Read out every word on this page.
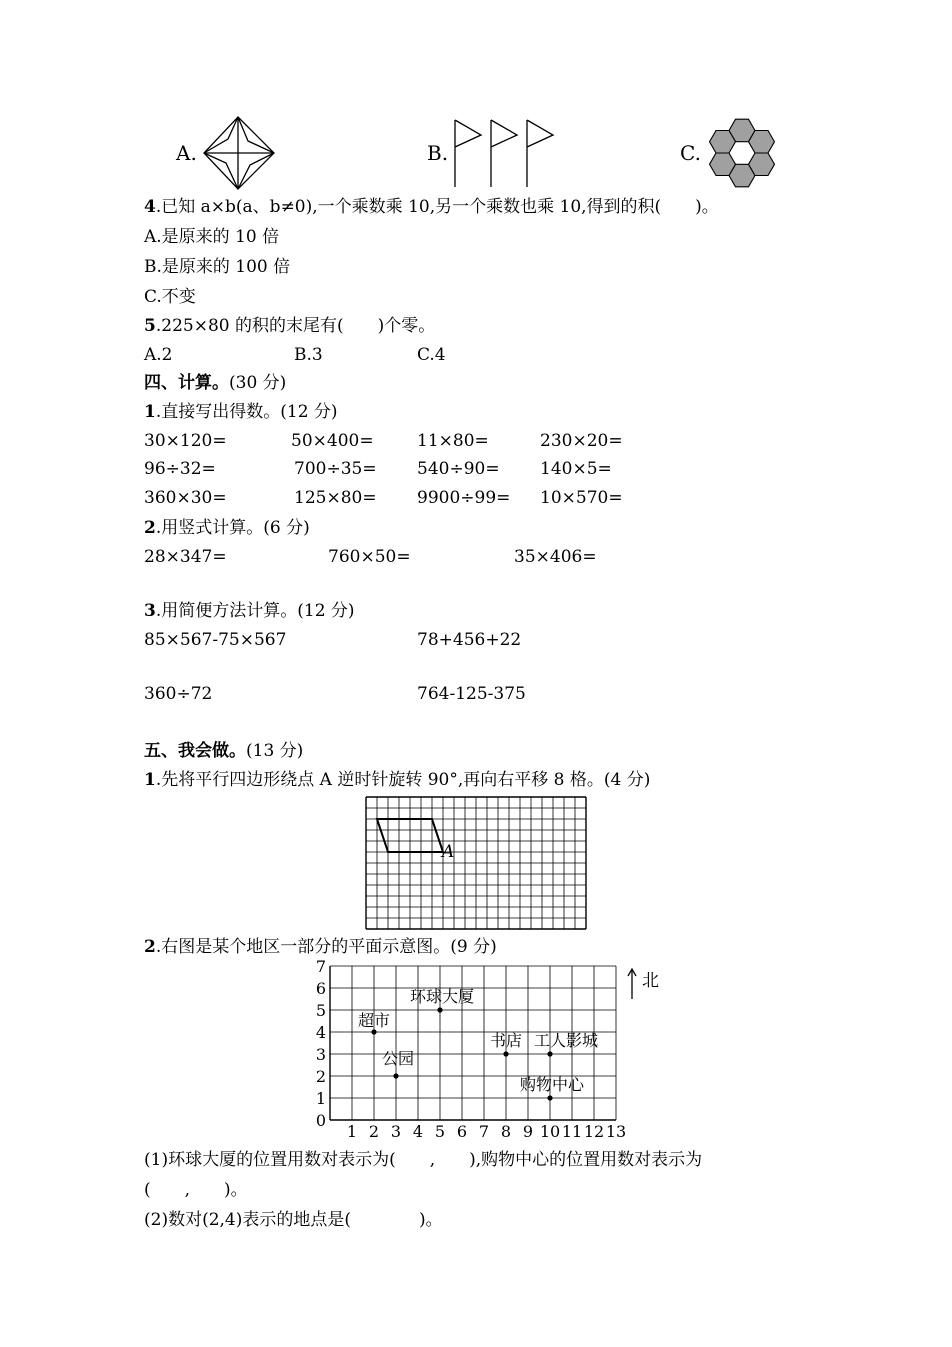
A.	B.	C.
4.已知 a×b(a、b≠0),一个乘数乘 10,另一个乘数也乘 10,得到的积(　　)。
A.是原来的 10 倍
B.是原来的 100 倍
C.不变
5.225×80 的积的末尾有(　　)个零。
A.2	B.3	C.4
四、计算。(30 分)
1.直接写出得数。(12 分)
30×120=	50×400=	11×80=	230×20=
96÷32=	700÷35= 540÷90= 140×5=
360×30=	125×80= 9900÷99= 10×570=
2.用竖式计算。(6 分)
28×347=	760×50=	35×406=
3.用简便方法计算。(12 分)
85×567-75×567	78+456+22
360÷72	764-125-375
五、我会做。(13 分)
1.先将平行四边形绕点 A 逆时针旋转 90°,再向右平移 8 格。(4 分)
A
2.右图是某个地区一部分的平面示意图。(9 分)
1 2 3 4 5 6 7 8 9 10 11 12 13
0
1
2
3
4
5
6
7
环球大厦
超市
公园
书店 工人影城
购物中心
北
(1)环球大厦的位置用数对表示为(　　,　　),购物中心的位置用数对表示为
(　　,　　)。
(2)数对(2,4)表示的地点是(　　　　)。
